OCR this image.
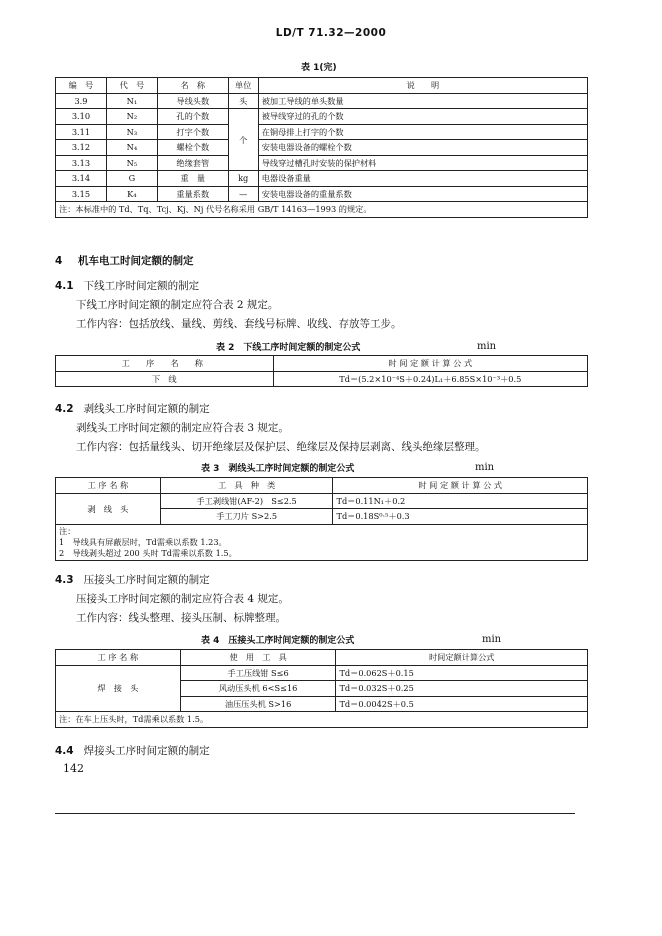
LD/T 71.32—2000
表 1(完)
编　号	代　号	名　称	单位	说　　明
3.9	N₁	导线头数	头	被加工导线的单头数量
3.10	N₂	孔的个数	个	被导线穿过的孔的个数
3.11	N₃	打字个数		在铜母排上打字的个数
3.12	N₄	螺栓个数		安装电器设备的螺栓个数
3.13	N₅	绝缘套管		导线穿过槽孔时安装的保护材料
3.14	G	重　量	kg	电器设备重量
3.15	K₄	重量系数	—	安装电器设备的重量系数
注：本标准中的 Td、Tq、Tcj、Kj、Nj 代号名称采用 GB/T 14163—1993 的规定。				
4 机车电工时间定额的制定
4.1 下线工序时间定额的制定
下线工序时间定额的制定应符合表 2 规定。
工作内容：包括放线、量线、剪线、套线号标牌、收线、存放等工步。
表 2　下线工序时间定额的制定公式	min
工　序　名　称	时 间 定 额 计 算 公 式
下　线	Td＝(5.2×10⁻⁴S＋0.24)L₁＋6.85S×10⁻³＋0.5
4.2 剥线头工序时间定额的制定
剥线头工序时间定额的制定应符合表 3 规定。
工作内容：包括量线头、切开绝缘层及保护层、绝缘层及保持层剥离、线头绝缘层整理。
表 3　剥线头工序时间定额的制定公式	min
工 序 名 称	工　具　种　类	时 间 定 额 计 算 公 式
剥　线　头	手工剥线钳(AF-2)　S≤2.5	Td＝0.11N₁＋0.2
	手工刀片 S>2.5	Td＝0.18S⁰·⁵＋0.3

注：
1　导线具有屏蔽层时，Td需乘以系数 1.23。
2　导线剥头超过 200 头时 Td需乘以系数 1.5。		
4.3 压接头工序时间定额的制定
压接头工序时间定额的制定应符合表 4 规定。
工作内容：线头整理、接头压制、标牌整理。
表 4　压接头工序时间定额的制定公式	min
工 序 名 称	使　用　工　具	时间定额计算公式
焊　接　头	手工压线钳 S≤6	Td＝0.062S＋0.15
	风动压头机 6<S≤16	Td＝0.032S＋0.25
	油压压头机 S>16	Td＝0.0042S＋0.5
注：在车上压头时，Td需乘以系数 1.5。		
4.4 焊接头工序时间定额的制定
142
